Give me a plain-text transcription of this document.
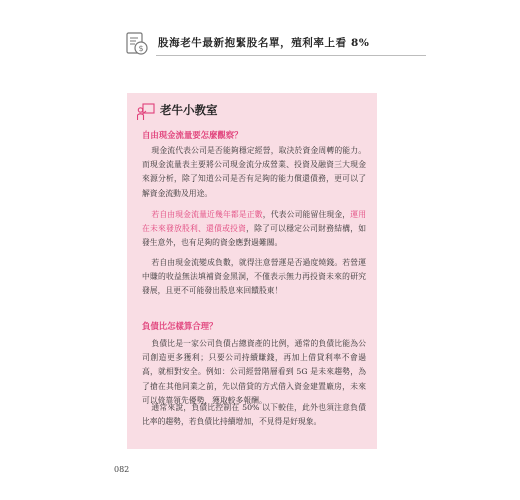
$ 股海老牛最新抱緊股名單，殖利率上看 8%
老牛小教室
自由現金流量要怎麼觀察？
現金流代表公司是否能夠穩定經營，取決於資金周轉的能力。而現金流量表主要將公司現金流分成營業、投資及融資三大現金來源分析，除了知道公司是否有足夠的能力償還債務，更可以了解資金流動及用途。
若自由現金流量近幾年都是正數，代表公司能留住現金，運用在未來發放股利、還債或投資，除了可以穩定公司財務結構，如發生意外，也有足夠的資金應對過難關。
若自由現金流變成負數，就得注意營運是否過度燒錢。若營運中賺的收益無法填補資金黑洞，不僅表示無力再投資未來的研究發展，且更不可能發出股息來回饋股東！
負債比怎樣算合理？
負債比是一家公司負債占總資產的比例，通常的負債比能為公司創造更多獲利；只要公司持續賺錢，再加上借貸利率不會過高，就相對安全。例如：公司經營階層看到 5G 是未來趨勢，為了搶在其他同業之前，先以借貸的方式借入資金建置廠房，未來可以倚靠領先優勢，獲取較多報酬。
通常來說，負債比控制在 50% 以下較佳，此外也須注意負債比率的趨勢，若負債比持續增加，不見得是好現象。
082
